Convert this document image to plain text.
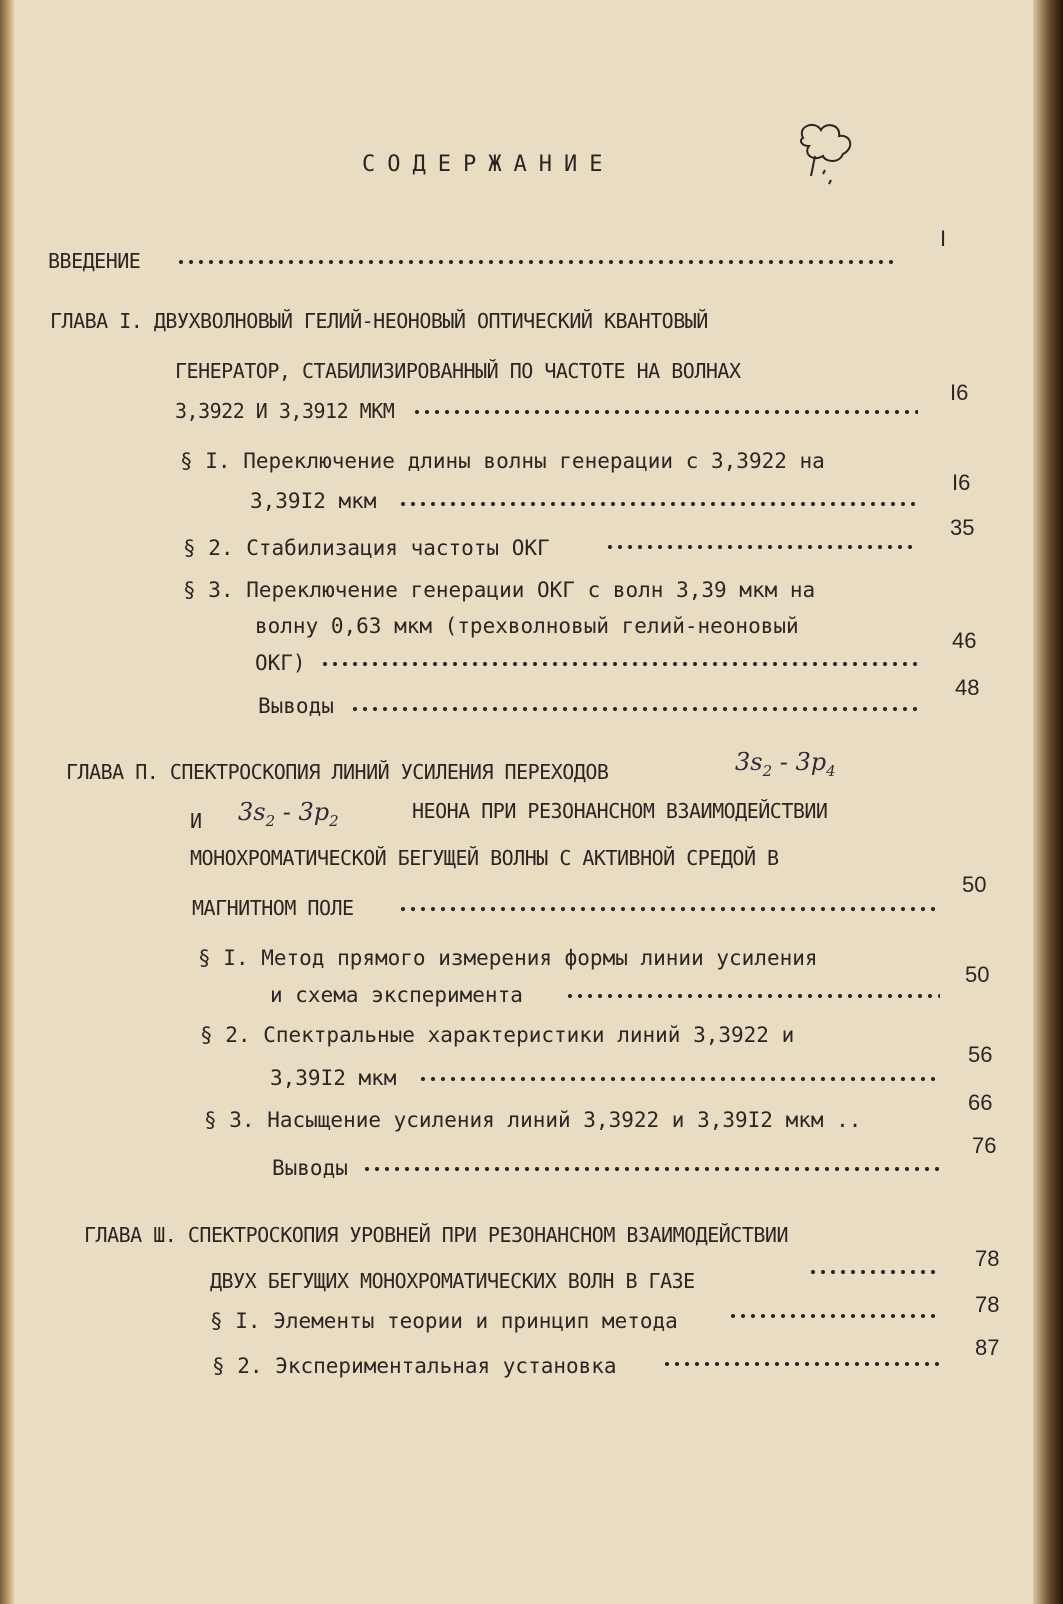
СОДЕРЖАНИЕ
ВВЕДЕНИЕ
I
ГЛАВА I. ДВУХВОЛНОВЫЙ ГЕЛИЙ-НЕОНОВЫЙ ОПТИЧЕСКИЙ КВАНТОВЫЙ
ГЕНЕРАТОР, СТАБИЛИЗИРОВАННЫЙ ПО ЧАСТОТЕ НА ВОЛНАХ
3,3922 И 3,3912 МКМ
I6
§ I. Переключение длины волны генерации с 3,3922 на
3,39I2 мкм
I6
§ 2. Стабилизация частоты ОКГ
35
§ 3. Переключение генерации ОКГ с волн 3,39 мкм на
волну 0,63 мкм (трехволновый гелий-неоновый
ОКГ)
46
Выводы
48
ГЛАВА П. СПЕКТРОСКОПИЯ ЛИНИЙ УСИЛЕНИЯ ПЕРЕХОДОВ	$3s_2 - 3p_4$
И $3s_2 - 3p_2$	НЕОНА ПРИ РЕЗОНАНСНОМ ВЗАИМОДЕЙСТВИИ
МОНОХРОМАТИЧЕСКОЙ БЕГУЩЕЙ ВОЛНЫ С АКТИВНОЙ СРЕДОЙ В
МАГНИТНОМ ПОЛЕ
50
§ I. Метод прямого измерения формы линии усиления
и схема эксперимента
50
§ 2. Спектральные характеристики линий 3,3922 и
3,39I2 мкм
56
§ 3. Насыщение усиления линий 3,3922 и 3,39I2 мкм ..
66
Выводы
76
ГЛАВА Ш. СПЕКТРОСКОПИЯ УРОВНЕЙ ПРИ РЕЗОНАНСНОМ ВЗАИМОДЕЙСТВИИ
ДВУХ БЕГУЩИХ МОНОХРОМАТИЧЕСКИХ ВОЛН В ГАЗЕ
78
§ I. Элементы теории и принцип метода
78
§ 2. Экспериментальная установка
87
